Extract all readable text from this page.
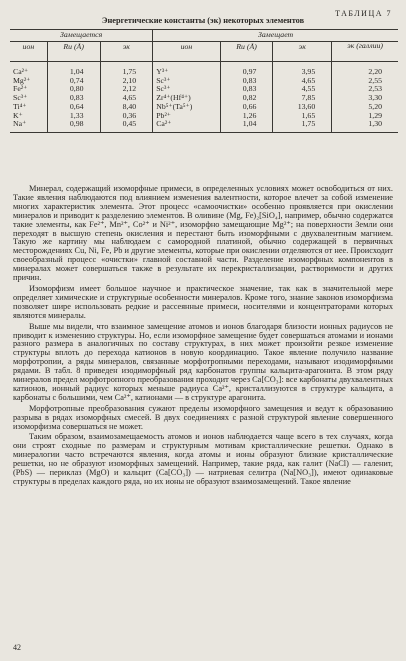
ТАБЛИЦА 7
Энергетические константы (эк) некоторых элементов
Замещается			Замещает			
ион	Rи (Å)	эк	ион	Rи (Å)	эк	эк (галлии)
Ca²⁺	1,04	1,75	Y³⁺	0,97	3,95	2,20
Mg²⁺	0,74	2,10	Sc³⁺	0,83	4,65	2,55
Fe²⁺	0,80	2,12	Sc³⁺	0,83	4,55	2,53
Sc³⁺	0,83	4,65	Zr⁴⁺(Hf⁴⁺)	0,82	7,85	3,30
Ti⁴⁺	0,64	8,40	Nb⁵⁺(Ta⁵⁺)	0,66	13,60	5,20
K⁺	1,33	0,36	Pb²⁺	1,26	1,65	1,29
Na⁺	0,98	0,45	Ca²⁺	1,04	1,75	1,30

Минерал, содержащий изоморфные примеси, в определенных условиях может освободиться от них. Такие явления наблюдаются под влиянием изменения валентности, которое влечет за собой изменение многих характеристик элемента. Этот процесс «самоочистки» особенно проявляется при окислении минералов и приводит к разделению элементов. В оливине (Mg, Fe)₂[SiO₄], например, обычно содержатся такие элементы, как Fe²⁺, Mn²⁺, Co²⁺ и Ni²⁺, изоморфно замещающие Mg²⁺; на поверхности Земли они переходят в высшую степень окисления и перестают быть изоморфными с двухвалентным магнием. Такую же картину мы наблюдаем с самородной платиной, обычно содержащей в первичных месторождениях Cu, Ni, Fe, Pb и другие элементы, которые при окислении отделяются от нее. Происходит своеобразный процесс «очистки» главной составной части. Разделение изоморфных компонентов в минералах может совершаться также в результате их перекристаллизации, растворимости и других причин.

Изоморфизм имеет большое научное и практическое значение, так как в значительной мере определяет химические и структурные особенности минералов. Кроме того, знание законов изоморфизма позволяет шире использовать редкие и рассеянные примеси, носителями и концентраторами которых являются минералы.

Выше мы видели, что взаимное замещение атомов и ионов благодаря близости ионных радиусов не приводит к изменению структуры. Но, если изоморфное замещение будет совершаться атомами и ионами разного размера в аналогичных по составу структурах, в них может произойти резкое изменение структуры вплоть до перехода катионов в новую координацию. Такое явление получило название морфотропии, а ряды минералов, связанные морфотропными переходами, называют изодиморфными рядами. В табл. 8 приведен изодиморфный ряд карбонатов группы кальцита-арагонита. В этом ряду минералов предел морфотропного преобразования проходит через Ca[CO₃]: все карбонаты двухвалентных катионов, ионный радиус которых меньше радиуса Ca²⁺, кристаллизуются в структуре кальцита, а карбонаты с большими, чем Ca²⁺, катионами — в структуре арагонита.

Морфотропные преобразования сужают пределы изоморфного замещения и ведут к образованию разрыва в рядах изоморфных смесей. В двух соединениях с разной структурой явление совершенного изоморфизма совершаться не может.

Таким образом, взаимозамещаемость атомов и ионов наблюдается чаще всего в тех случаях, когда они строят сходные по размерам и структурным мотивам кристаллические решетки. Однако в минералогии часто встречаются явления, когда атомы и ионы образуют близкие кристаллические решетки, но не образуют изоморфных замещений. Например, такие ряда, как галит (NaCl) — галенит, (PbS) — периклаз (MgO) и кальцит (Ca[CO₃]) — натриевая селитра (Na[NO₃]), имеют одинаковые структуры в пределах каждого ряда, но их ионы не образуют взаимозамещений. Такое явление

42
